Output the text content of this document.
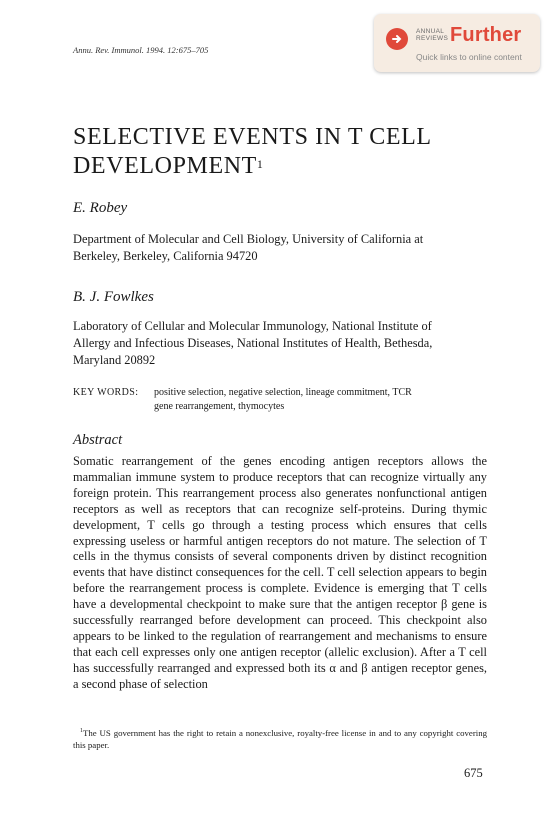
Annu. Rev. Immunol. 1994. 12:675–705
ANNUAL
REVIEWS Further
Quick links to online content
SELECTIVE EVENTS IN T CELL
DEVELOPMENT$^1$
E. Robey
Department of Molecular and Cell Biology, University of California at
Berkeley, Berkeley, California 94720
B. J. Fowlkes
Laboratory of Cellular and Molecular Immunology, National Institute of
Allergy and Infectious Diseases, National Institutes of Health, Bethesda,
Maryland 20892
KEY WORDS: positive selection, negative selection, lineage commitment, TCR
gene rearrangement, thymocytes
Abstract
Somatic rearrangement of the genes encoding antigen receptors allows the mammalian immune system to produce receptors that can recognize virtually any foreign protein. This rearrangement process also generates nonfunctional antigen receptors as well as receptors that can recognize self-proteins. During thymic development, T cells go through a testing process which ensures that cells expressing useless or harmful antigen receptors do not mature. The selection of T cells in the thymus consists of several components driven by distinct recognition events that have distinct consequences for the cell. T cell selection appears to begin before the rearrangement process is complete. Evidence is emerging that T cells have a developmental checkpoint to make sure that the antigen receptor β gene is successfully rearranged before development can proceed. This checkpoint also appears to be linked to the regulation of rearrangement and mechanisms to ensure that each cell expresses only one antigen receptor (allelic exclusion). After a T cell has successfully rearranged and expressed both its α and β antigen receptor genes, a second phase of selection
$^1$The US government has the right to retain a nonexclusive, royalty-free license in and to any copyright covering this paper.
675
